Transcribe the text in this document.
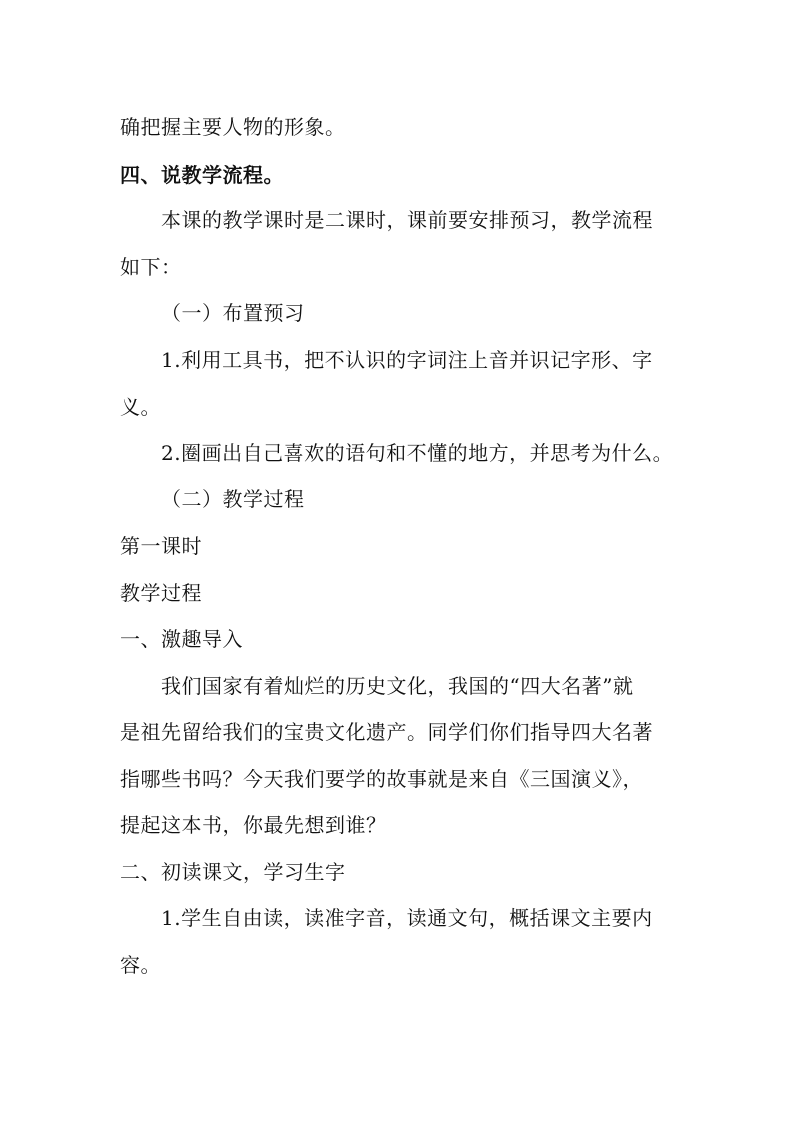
确把握主要人物的形象。
四、说教学流程。
本课的教学课时是二课时，课前要安排预习，教学流程
如下：
（一）布置预习
1.利用工具书，把不认识的字词注上音并识记字形、字
义。
2.圈画出自己喜欢的语句和不懂的地方，并思考为什么。
（二）教学过程
第一课时
教学过程
一、激趣导入
我们国家有着灿烂的历史文化，我国的“四大名著”就
是祖先留给我们的宝贵文化遗产。同学们你们指导四大名著
指哪些书吗？今天我们要学的故事就是来自《三国演义》，
提起这本书，你最先想到谁？
二、初读课文，学习生字
1.学生自由读，读准字音，读通文句，概括课文主要内
容。
